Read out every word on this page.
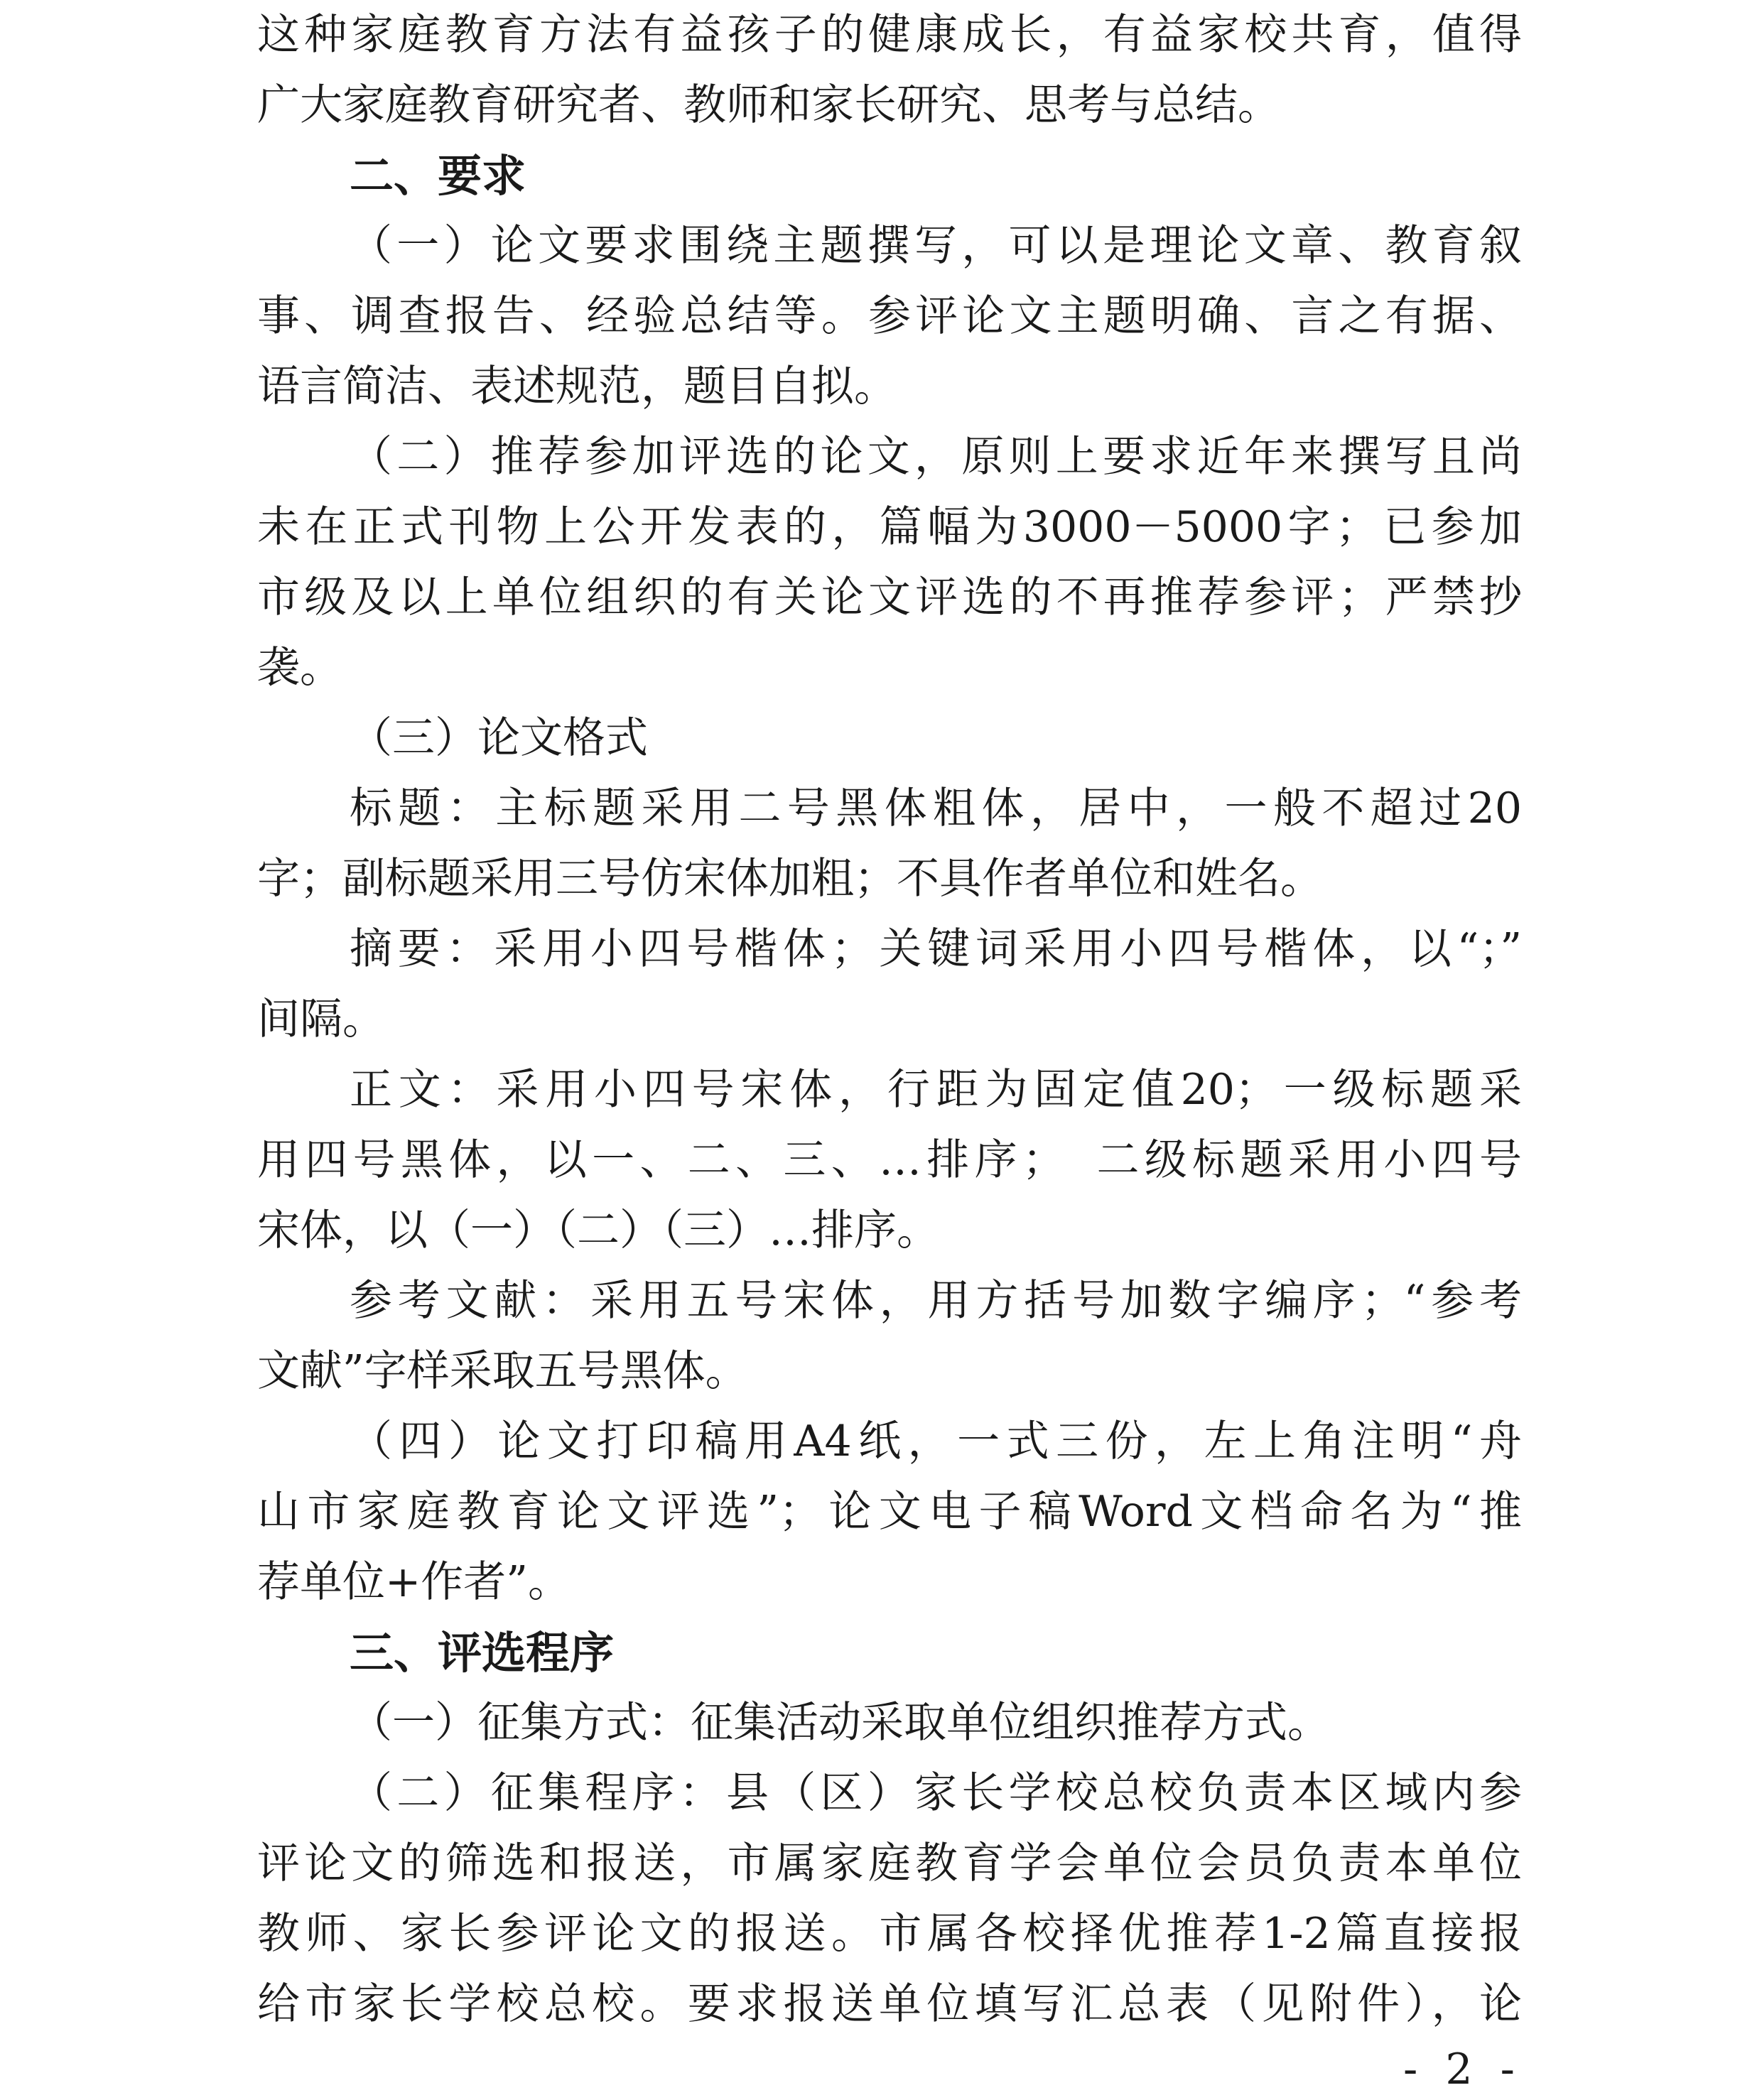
这种家庭教育方法有益孩子的健康成长，有益家校共育，值得
广大家庭教育研究者、教师和家长研究、思考与总结。
二、要求
（一）论文要求围绕主题撰写，可以是理论文章、教育叙
事、调查报告、经验总结等。参评论文主题明确、言之有据、
语言简洁、表述规范，题目自拟。
（二）推荐参加评选的论文，原则上要求近年来撰写且尚
未在正式刊物上公开发表的，篇幅为3000－5000字；已参加
市级及以上单位组织的有关论文评选的不再推荐参评；严禁抄
袭。
（三）论文格式
标题：主标题采用二号黑体粗体，居中，一般不超过20
字；副标题采用三号仿宋体加粗；不具作者单位和姓名。
摘要：采用小四号楷体；关键词采用小四号楷体，以“；”
间隔。
正文：采用小四号宋体，行距为固定值20；一级标题采
用四号黑体，以一、二、三、…排序；　二级标题采用小四号
宋体，以（一）（二）（三）…排序。
参考文献：采用五号宋体，用方括号加数字编序；“参考
文献”字样采取五号黑体。
（四）论文打印稿用A4纸，一式三份，左上角注明“舟
山市家庭教育论文评选”；论文电子稿Word文档命名为“推
荐单位+作者”。
三、评选程序
（一）征集方式：征集活动采取单位组织推荐方式。
（二）征集程序：县（区）家长学校总校负责本区域内参
评论文的筛选和报送，市属家庭教育学会单位会员负责本单位
教师、家长参评论文的报送。市属各校择优推荐1-2篇直接报
给市家长学校总校。要求报送单位填写汇总表（见附件），论
- 2 -
